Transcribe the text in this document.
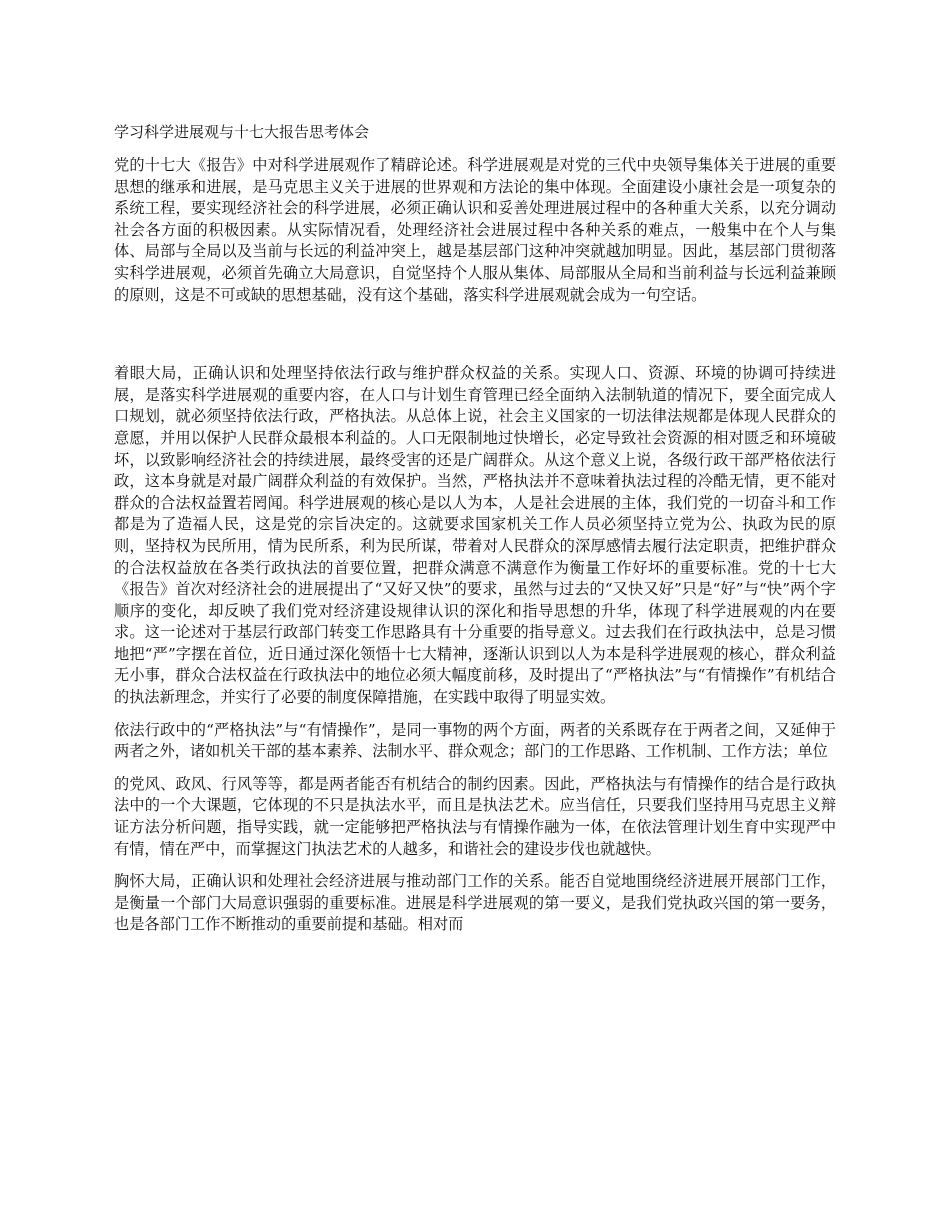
学习科学进展观与十七大报告思考体会

党的十七大《报告》中对科学进展观作了精辟论述。科学进展观是对党的三代中央领导集体关于进展的重要思想的继承和进展，是马克思主义关于进展的世界观和方法论的集中体现。全面建设小康社会是一项复杂的系统工程，要实现经济社会的科学进展，必须正确认识和妥善处理进展过程中的各种重大关系，以充分调动社会各方面的积极因素。从实际情况看，处理经济社会进展过程中各种关系的难点，一般集中在个人与集体、局部与全局以及当前与长远的利益冲突上，越是基层部门这种冲突就越加明显。因此，基层部门贯彻落实科学进展观，必须首先确立大局意识，自觉坚持个人服从集体、局部服从全局和当前利益与长远利益兼顾的原则，这是不可或缺的思想基础，没有这个基础，落实科学进展观就会成为一句空话。

着眼大局，正确认识和处理坚持依法行政与维护群众权益的关系。实现人口、资源、环境的协调可持续进展，是落实科学进展观的重要内容，在人口与计划生育管理已经全面纳入法制轨道的情况下，要全面完成人口规划，就必须坚持依法行政，严格执法。从总体上说，社会主义国家的一切法律法规都是体现人民群众的意愿，并用以保护人民群众最根本利益的。人口无限制地过快增长，必定导致社会资源的相对匮乏和环境破坏，以致影响经济社会的持续进展，最终受害的还是广阔群众。从这个意义上说，各级行政干部严格依法行政，这本身就是对最广阔群众利益的有效保护。当然，严格执法并不意味着执法过程的冷酷无情，更不能对群众的合法权益置若罔闻。科学进展观的核心是以人为本，人是社会进展的主体，我们党的一切奋斗和工作都是为了造福人民，这是党的宗旨决定的。这就要求国家机关工作人员必须坚持立党为公、执政为民的原则，坚持权为民所用，情为民所系，利为民所谋，带着对人民群众的深厚感情去履行法定职责，把维护群众的合法权益放在各类行政执法的首要位置，把群众满意不满意作为衡量工作好坏的重要标准。党的十七大《报告》首次对经济社会的进展提出了“又好又快”的要求，虽然与过去的“又快又好”只是“好”与“快”两个字顺序的变化，却反映了我们党对经济建设规律认识的深化和指导思想的升华，体现了科学进展观的内在要求。这一论述对于基层行政部门转变工作思路具有十分重要的指导意义。过去我们在行政执法中，总是习惯地把“严”字摆在首位，近日通过深化领悟十七大精神，逐渐认识到以人为本是科学进展观的核心，群众利益无小事，群众合法权益在行政执法中的地位必须大幅度前移，及时提出了“严格执法”与“有情操作”有机结合的执法新理念，并实行了必要的制度保障措施，在实践中取得了明显实效。

依法行政中的“严格执法”与“有情操作”，是同一事物的两个方面，两者的关系既存在于两者之间，又延伸于两者之外，诸如机关干部的基本素养、法制水平、群众观念；部门的工作思路、工作机制、工作方法；单位

的党风、政风、行风等等，都是两者能否有机结合的制约因素。因此，严格执法与有情操作的结合是行政执法中的一个大课题，它体现的不只是执法水平，而且是执法艺术。应当信任，只要我们坚持用马克思主义辩证方法分析问题，指导实践，就一定能够把严格执法与有情操作融为一体，在依法管理计划生育中实现严中有情，情在严中，而掌握这门执法艺术的人越多，和谐社会的建设步伐也就越快。

胸怀大局，正确认识和处理社会经济进展与推动部门工作的关系。能否自觉地围绕经济进展开展部门工作，是衡量一个部门大局意识强弱的重要标准。进展是科学进展观的第一要义，是我们党执政兴国的第一要务，也是各部门工作不断推动的重要前提和基础。相对而
